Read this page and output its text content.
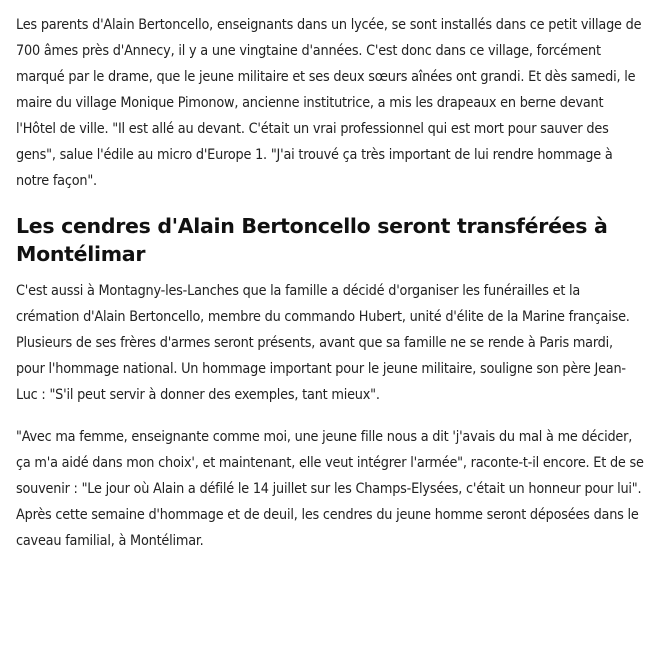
Les parents d'Alain Bertoncello, enseignants dans un lycée, se sont installés dans ce petit village de 700 âmes près d'Annecy, il y a une vingtaine d'années. C'est donc dans ce village, forcément marqué par le drame, que le jeune militaire et ses deux sœurs aînées ont grandi. Et dès samedi, le maire du village Monique Pimonow, ancienne institutrice, a mis les drapeaux en berne devant l'Hôtel de ville. "Il est allé au devant. C'était un vrai professionnel qui est mort pour sauver des gens", salue l'édile au micro d'Europe 1. "J'ai trouvé ça très important de lui rendre hommage à notre façon".

Les cendres d'Alain Bertoncello seront transférées à Montélimar

C'est aussi à Montagny-les-Lanches que la famille a décidé d'organiser les funérailles et la crémation d'Alain Bertoncello, membre du commando Hubert, unité d'élite de la Marine française. Plusieurs de ses frères d'armes seront présents, avant que sa famille ne se rende à Paris mardi, pour l'hommage national. Un hommage important pour le jeune militaire, souligne son père Jean-Luc : "S'il peut servir à donner des exemples, tant mieux".

"Avec ma femme, enseignante comme moi, une jeune fille nous a dit 'j'avais du mal à me décider, ça m'a aidé dans mon choix', et maintenant, elle veut intégrer l'armée", raconte-t-il encore. Et de se souvenir : "Le jour où Alain a défilé le 14 juillet sur les Champs-Elysées, c'était un honneur pour lui". Après cette semaine d'hommage et de deuil, les cendres du jeune homme seront déposées dans le caveau familial, à Montélimar.
